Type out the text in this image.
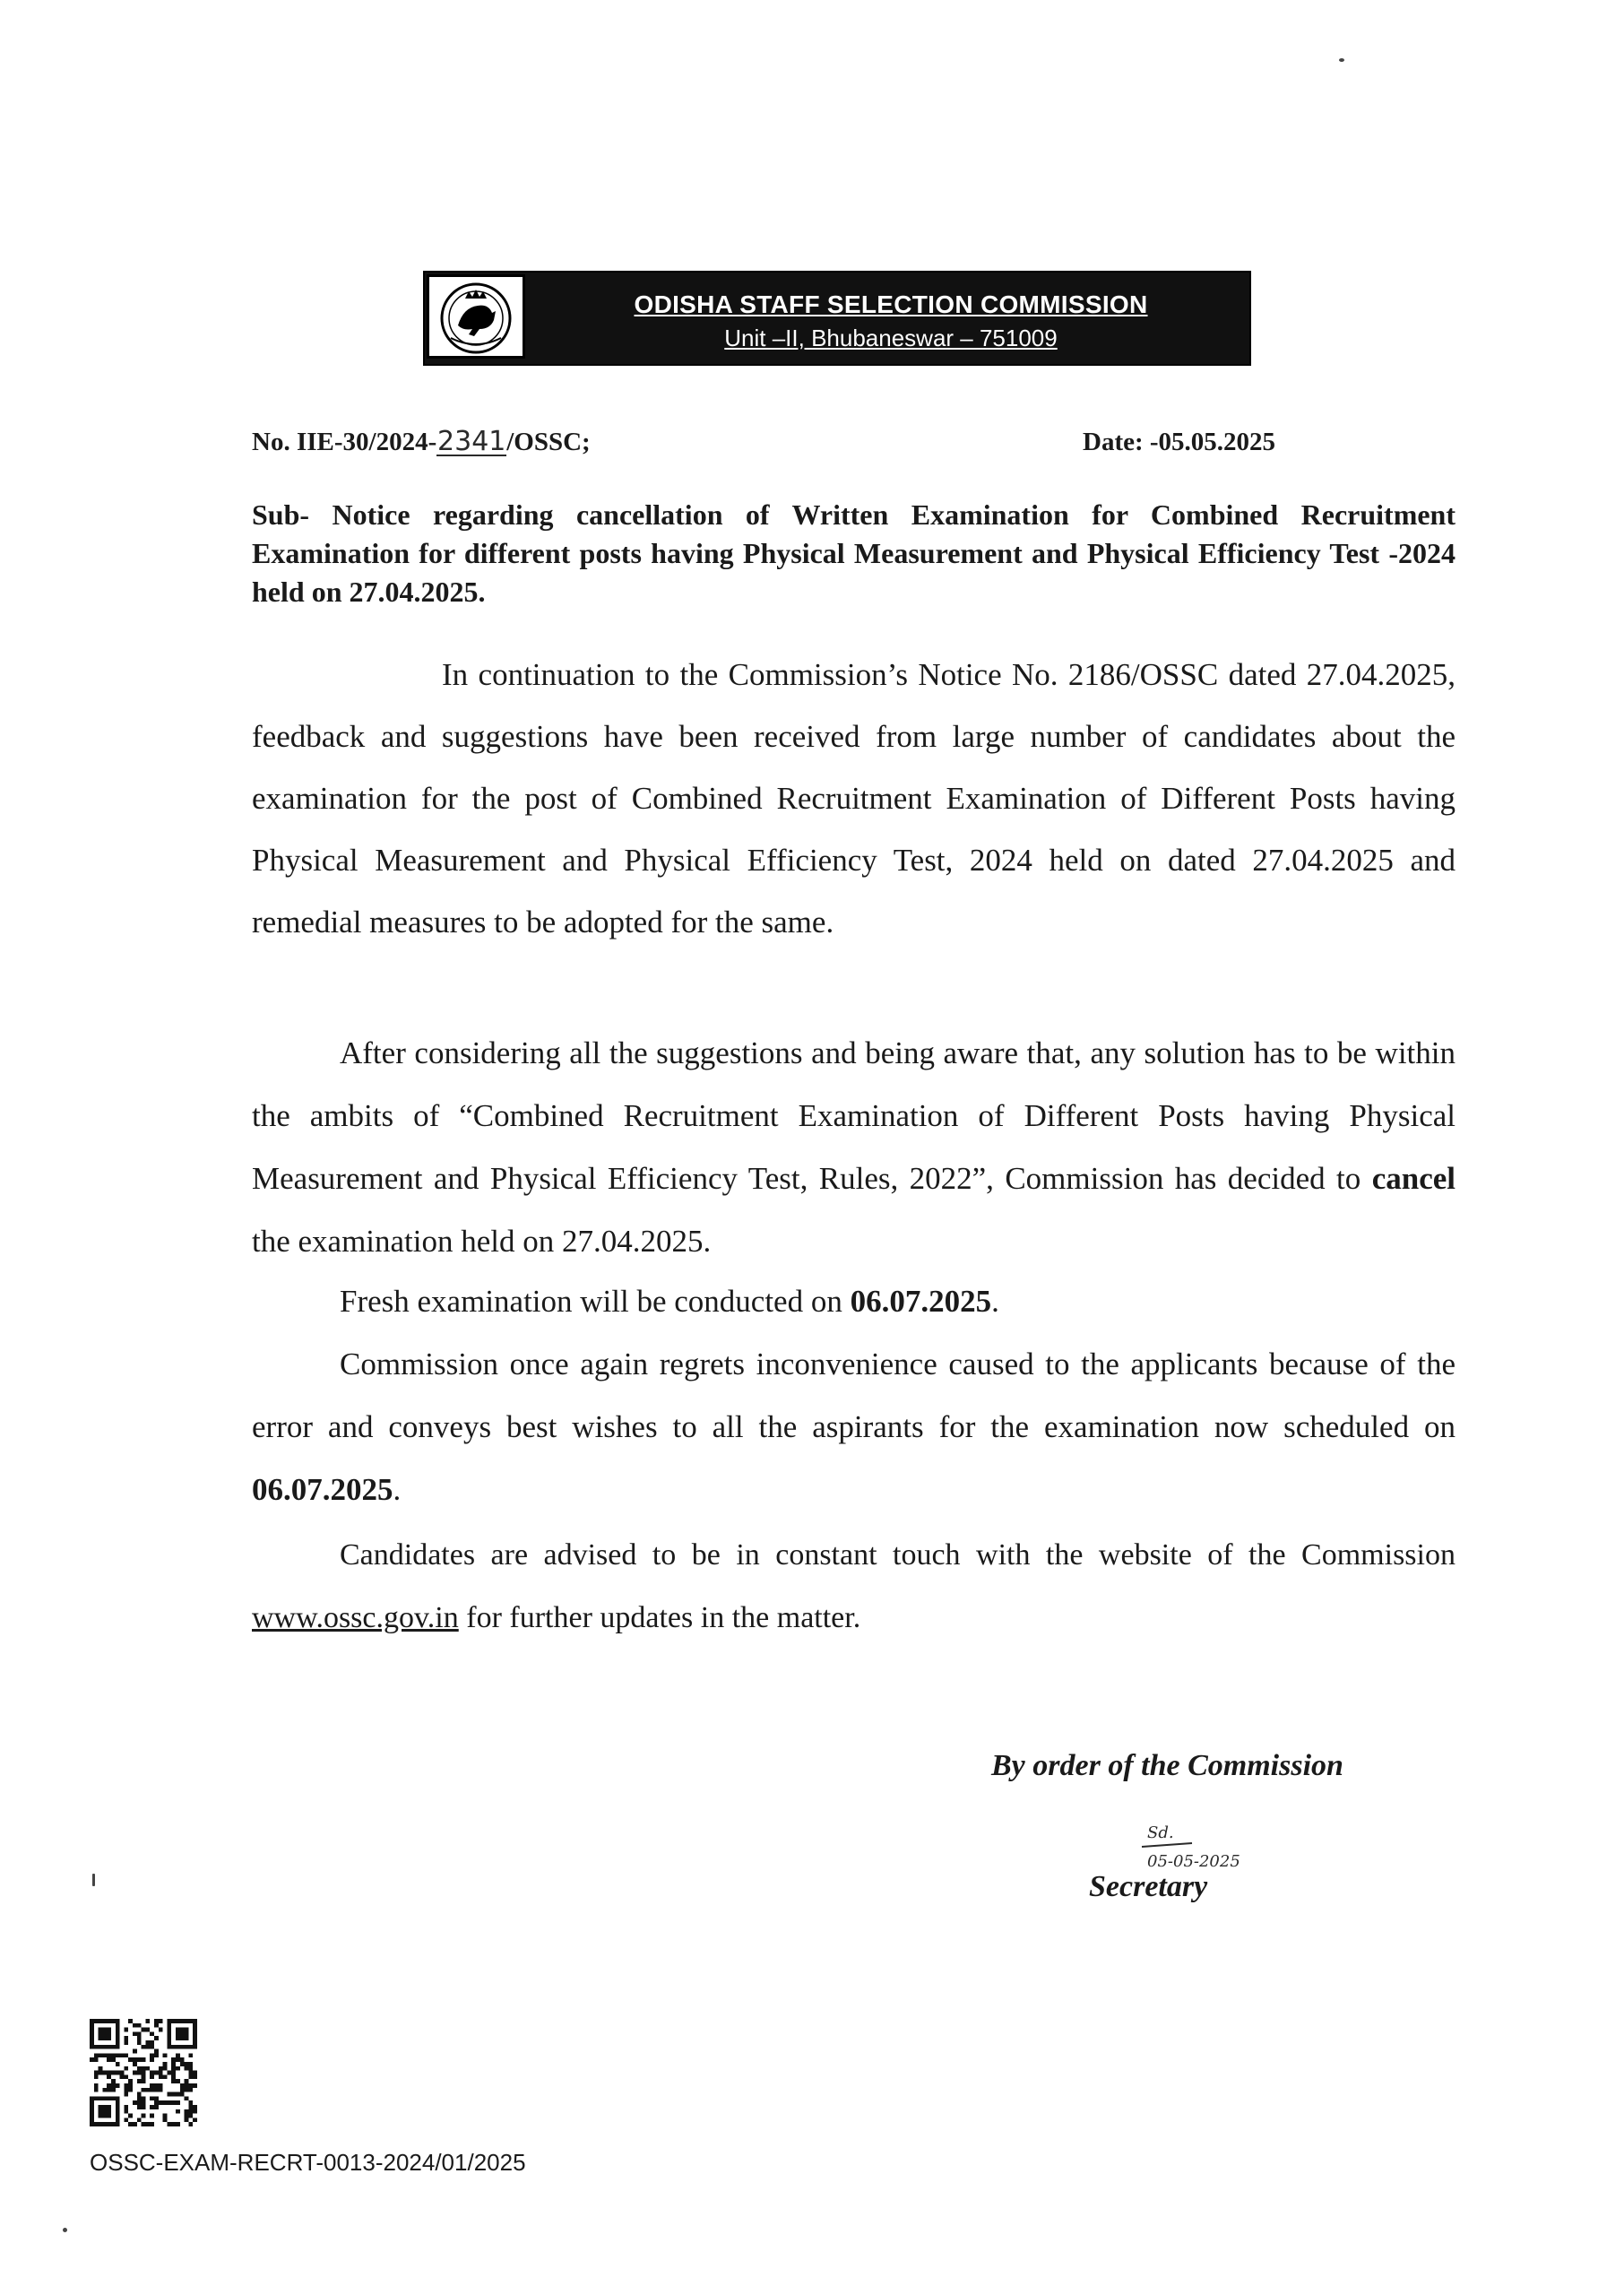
ODISHA STAFF SELECTION COMMISSION
Unit –II, Bhubaneswar – 751009
No. IIE-30/2024-2341/OSSC;	Date: -05.05.2025

Sub- Notice regarding cancellation of Written Examination for Combined Recruitment Examination for different posts having Physical Measurement and Physical Efficiency Test -2024 held on 27.04.2025.

In continuation to the Commission’s Notice No. 2186/OSSC dated 27.04.2025, feedback and suggestions have been received from large number of candidates about the examination for the post of Combined Recruitment Examination of Different Posts having Physical Measurement and Physical Efficiency Test, 2024 held on dated 27.04.2025 and remedial measures to be adopted for the same.

After considering all the suggestions and being aware that, any solution has to be within the ambits of “Combined Recruitment Examination of Different Posts having Physical Measurement and Physical Efficiency Test, Rules, 2022”, Commission has decided to cancel the examination held on 27.04.2025.

Fresh examination will be conducted on 06.07.2025.

Commission once again regrets inconvenience caused to the applicants because of the error and conveys best wishes to all the aspirants for the examination now scheduled on 06.07.2025.

Candidates are advised to be in constant touch with the website of the Commission www.ossc.gov.in for further updates in the matter.

By order of the Commission
Sd.
05-05-2025
Secretary
OSSC-EXAM-RECRT-0013-2024/01/2025
